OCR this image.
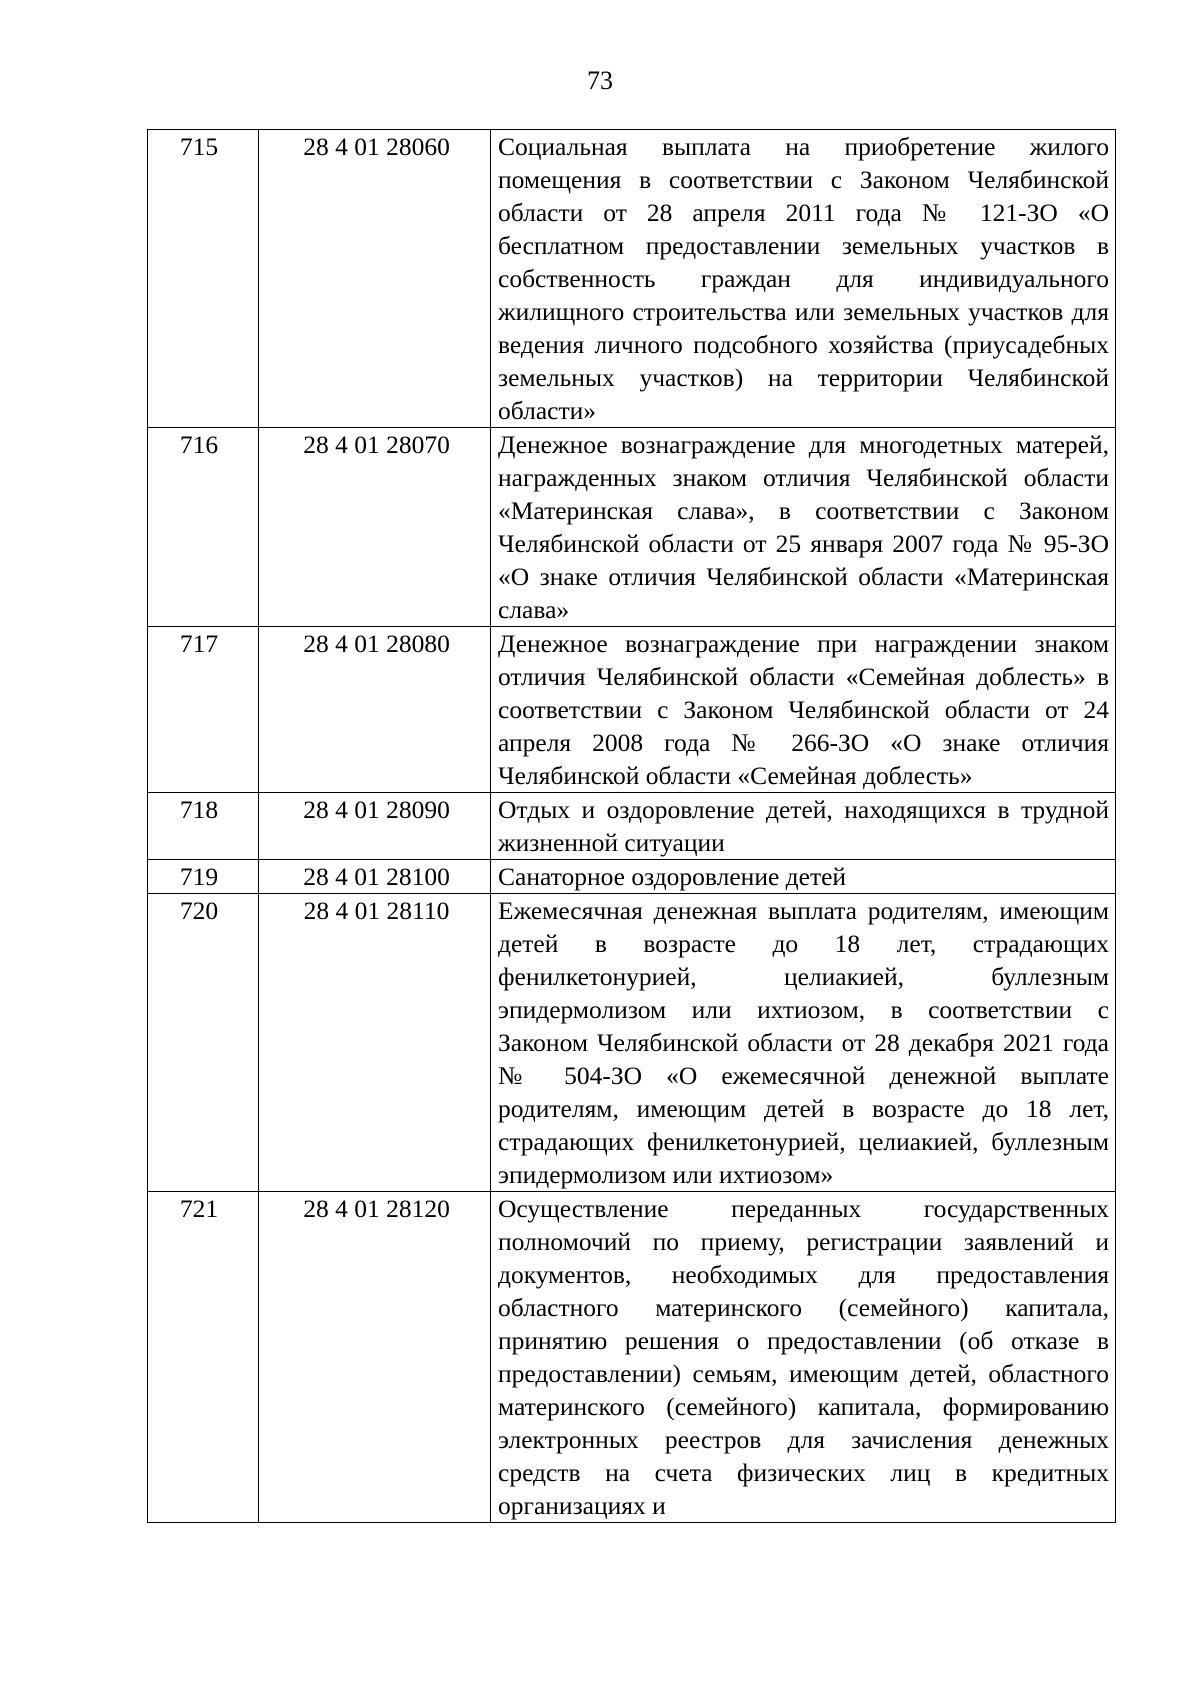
73
715	28 4 01 28060	Социальная выплата на приобретение жилого помещения в соответствии с Законом Челябинской области от 28 апреля 2011 года № 121-ЗО «О бесплатном предоставлении земельных участков в собственность граждан для индивидуального жилищного строительства или земельных участков для ведения личного подсобного хозяйства (приусадебных земельных участков) на территории Челябинской области»
716	28 4 01 28070	Денежное вознаграждение для многодетных матерей, награжденных знаком отличия Челябинской области «Материнская слава», в соответствии с Законом Челябинской области от 25 января 2007 года № 95-ЗО «О знаке отличия Челябинской области «Материнская слава»
717	28 4 01 28080	Денежное вознаграждение при награждении знаком отличия Челябинской области «Семейная доблесть» в соответствии с Законом Челябинской области от 24 апреля 2008 года № 266-ЗО «О знаке отличия Челябинской области «Семейная доблесть»
718	28 4 01 28090	Отдых и оздоровление детей, находящихся в трудной жизненной ситуации
719	28 4 01 28100	Санаторное оздоровление детей
720	28 4 01 28110	Ежемесячная денежная выплата родителям, имеющим детей в возрасте до 18 лет, страдающих фенилкетонурией, целиакией, буллезным эпидермолизом или ихтиозом, в соответствии с Законом Челябинской области от 28 декабря 2021 года № 504-ЗО «О ежемесячной денежной выплате родителям, имеющим детей в возрасте до 18 лет, страдающих фенилкетонурией, целиакией, буллезным эпидермолизом или ихтиозом»
721	28 4 01 28120	Осуществление переданных государственных полномочий по приему, регистрации заявлений и документов, необходимых для предоставления областного материнского (семейного) капитала, принятию решения о предоставлении (об отказе в предоставлении) семьям, имеющим детей, областного материнского (семейного) капитала, формированию электронных реестров для зачисления денежных средств на счета физических лиц в кредитных организациях и
